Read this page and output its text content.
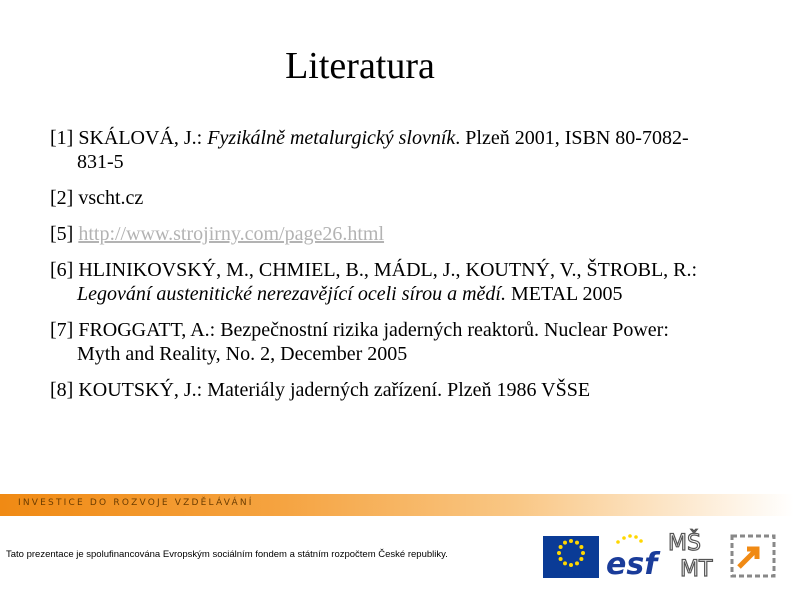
Literatura
[1] SKÁLOVÁ, J.: Fyzikálně metalurgický slovník. Plzeň 2001, ISBN 80-7082-831-5
[2] vscht.cz
[5] http://www.strojirny.com/page26.html
[6] HLINIKOVSKÝ, M., CHMIEL, B., MÁDL, J., KOUTNÝ, V., ŠTROBL, R.: Legování austenitické nerezavějící oceli sírou a mědí. METAL 2005
[7] FROGGATT, A.: Bezpečnostní rizika jaderných reaktorů. Nuclear Power: Myth and Reality, No. 2, December 2005
[8] KOUTSKÝ, J.: Materiály jaderných zařízení. Plzeň 1986 VŠSE
INVESTICE DO ROZVOJE VZDĚLÁVÁNÍ
Tato prezentace je spolufinancována Evropským sociálním fondem a státním rozpočtem České republiky.
EVROPSKÁ UNIE esf
MŠ
MT
